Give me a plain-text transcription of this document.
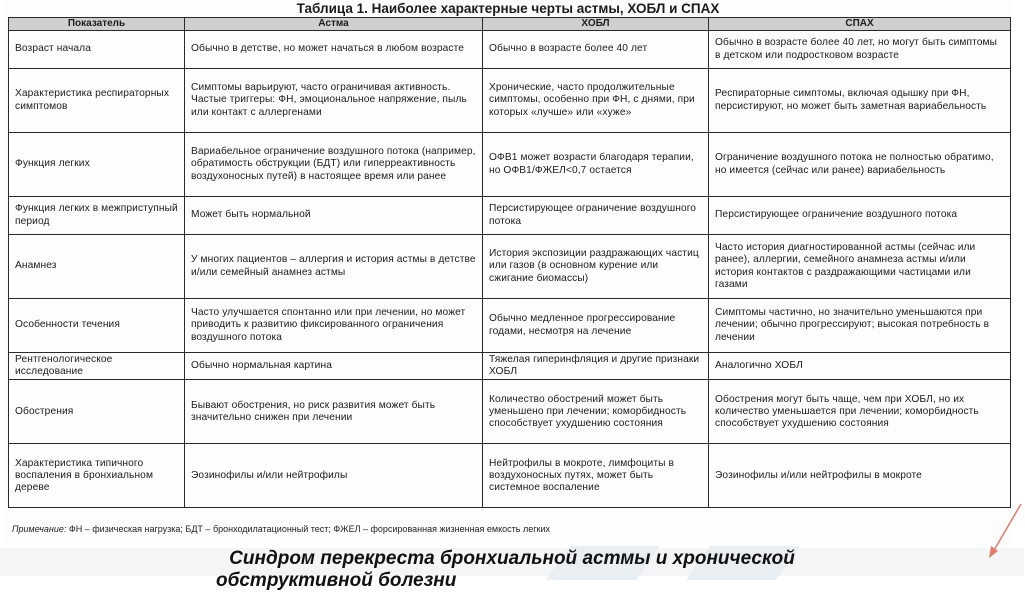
Таблица 1. Наиболее характерные черты астмы, ХОБЛ и СПАХ
Показатель	Астма	ХОБЛ	СПАХ
Возраст начала	Обычно в детстве, но может начаться в любом возрасте	Обычно в возрасте более 40 лет	Обычно в возрасте более 40 лет, но могут быть симптомы в детском или подростковом возрасте
Характеристика респираторных симптомов	Симптомы варьируют, часто ограничивая активность. Частые триггеры: ФН, эмоциональное напряжение, пыль или контакт с аллергенами	Хронические, часто продолжительные симптомы, особенно при ФН, с днями, при которых «лучше» или «хуже»	Респираторные симптомы, включая одышку при ФН, персистируют, но может быть заметная вариабельность
Функция легких	Вариабельное ограничение воздушного потока (например, обратимость обструкции (БДТ) или гиперреактивность воздухоносных путей) в настоящее время или ранее	ОФВ1 может возрасти благодаря терапии, но ОФВ1/ФЖЕЛ<0,7 остается	Ограничение воздушного потока не полностью обратимо, но имеется (сейчас или ранее) вариабельность
Функция легких в межприступный период	Может быть нормальной	Персистирующее ограничение воздушного потока	Персистирующее ограничение воздушного потока
Анамнез	У многих пациентов – аллергия и история астмы в детстве и/или семейный анамнез астмы	История экспозиции раздражающих частиц или газов (в основном курение или сжигание биомассы)	Часто история диагностированной астмы (сейчас или ранее), аллергии, семейного анамнеза астмы и/или история контактов с раздражающими частицами или газами
Особенности течения	Часто улучшается спонтанно или при лечении, но может приводить к развитию фиксированного ограничения воздушного потока	Обычно медленное прогрессирование годами, несмотря на лечение	Симптомы частично, но значительно уменьшаются при лечении; обычно прогрессируют; высокая потребность в лечении
Рентгенологическое исследование	Обычно нормальная картина	Тяжелая гиперинфляция и другие признаки ХОБЛ	Аналогично ХОБЛ
Обострения	Бывают обострения, но риск развития может быть значительно снижен при лечении	Количество обострений может быть уменьшено при лечении; коморбидность способствует ухудшению состояния	Обострения могут быть чаще, чем при ХОБЛ, но их количество уменьшается при лечении; коморбидность способствует ухудшению состояния
Характеристика типичного воспаления в бронхиальном дереве	Эозинофилы и/или нейтрофилы	Нейтрофилы в мокроте, лимфоциты в воздухоносных путях, может быть системное воспаление	Эозинофилы и/или нейтрофилы в мокроте
Примечание: ФН – физическая нагрузка; БДТ – бронходилатационный тест; ФЖЕЛ – форсированная жизненная емкость легких
Синдром перекреста бронхиальной астмы и хронической
обструктивной болезни
